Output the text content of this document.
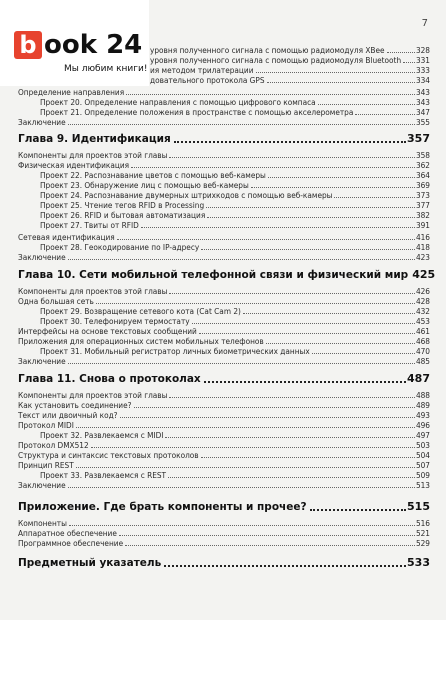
7
уровня полученного сигнала с помощью радиомодуля XBee	328
уровня полученного сигнала с помощью радиомодуля Bluetooth 331
ия методом трилатерации	333
довательного протокола GPS	334
Определение направления	343
Проект 20. Определение направления с помощью цифрового компаса	343
Проект 21. Определение положения в пространстве с помощью акселерометра	347
Заключение	355
Глава 9. Идентификация	357
Компоненты для проектов этой главы	358
Физическая идентификация	362
Проект 22. Распознавание цветов с помощью веб-камеры	364
Проект 23. Обнаружение лиц с помощью веб-камеры	369
Проект 24. Распознавание двумерных штрихкодов с помощью веб-камеры	373
Проект 25. Чтение тегов RFID в Processing	377
Проект 26. RFID и бытовая автоматизация	382
Проект 27. Твиты от RFID	391
Сетевая идентификация	416
Проект 28. Геокодирование по IP-адресу	418
Заключение	423
Глава 10. Сети мобильной телефонной связи и физический мир 425
Компоненты для проектов этой главы	426
Одна большая сеть	428
Проект 29. Возвращение сетевого кота (Cat Cam 2)	432
Проект 30. Телефонируем термостату	453
Интерфейсы на основе текстовых сообщений	461
Приложения для операционных систем мобильных телефонов	468
Проект 31. Мобильный регистратор личных биометрических данных	470
Заключение	485
Глава 11. Снова о протоколах	487
Компоненты для проектов этой главы	488
Как установить соединение?	489
Текст или двоичный код?	493
Протокол MIDI	496
Проект 32. Развлекаемся с MIDI	497
Протокол DMX512	503
Структура и синтаксис текстовых протоколов	504
Принцип REST	507
Проект 33. Развлекаемся с REST	509
Заключение	513
Приложение. Где брать компоненты и прочее?	515
Компоненты	516
Аппаратное обеспечение	521
Программное обеспечение	529
Предметный указатель	533
b ook 24
Мы любим книги!
